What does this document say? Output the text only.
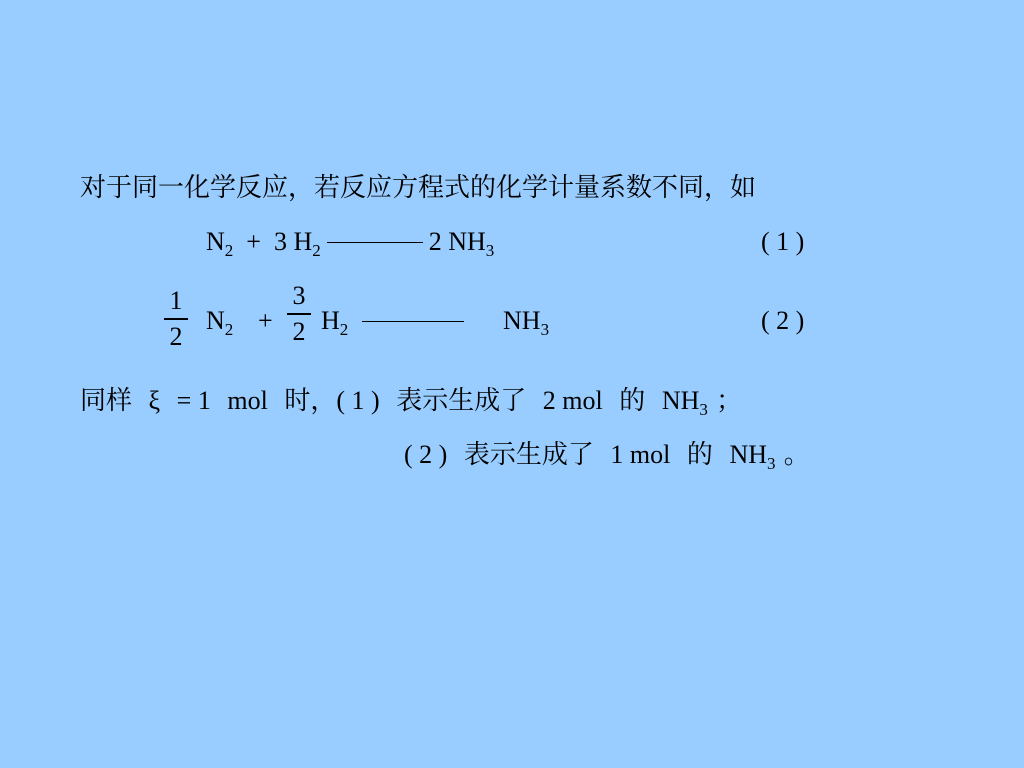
对于同一化学反应，若反应方程式的化学计量系数不同，如
$N_2 + 3$ $H_2$	2 $NH_3$	( 1 )
1
2
$N_2$ +
3
2 $H_2$	$NH_3$	( 2 )
同样 ξ = 1 mol 时，( 1 ) 表示生成了 2 mol 的 $NH_3$ ；
( 2 ) 表示生成了 1 mol 的 $NH_3$ 。
